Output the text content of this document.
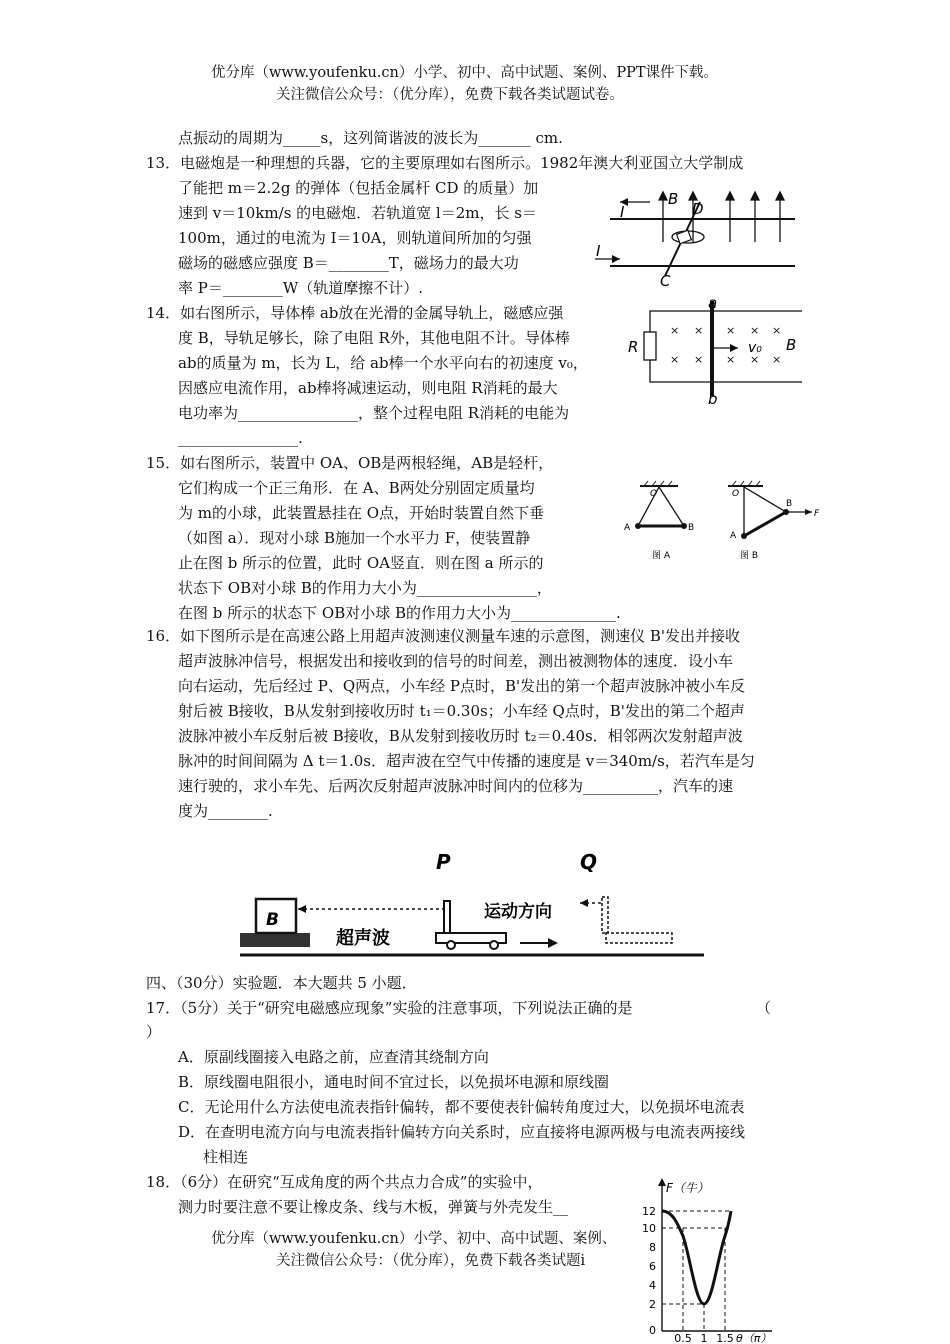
优分库（www.youfenku.cn）小学、初中、高中试题、案例、PPT课件下载。
关注微信公众号：（优分库），免费下载各类试题试卷。
点振动的周期为_____s，这列简谐波的波长为_______ cm.
13．电磁炮是一种理想的兵器，它的主要原理如右图所示。1982年澳大利亚国立大学制成
了能把 m＝2.2g 的弹体（包括金属杆 CD 的质量）加
速到 v＝10km/s 的电磁炮．若轨道宽 l＝2m，长 s＝
100m，通过的电流为 I＝10A，则轨道间所加的匀强
磁场的磁感应强度 B＝________T，磁场力的最大功
率 P＝________W（轨道摩擦不计）.
I
I
B
D
C
14．如右图所示，导体棒 ab放在光滑的金属导轨上，磁感应强
度 B，导轨足够长，除了电阻 R外，其他电阻不计。导体棒
ab的质量为 m，长为 L，给 ab棒一个水平向右的初速度 v₀，
因感应电流作用，ab棒将减速运动，则电阻 R消耗的最大
电功率为________________，整个过程电阻 R消耗的电能为
________________.
× × × × ×
× × × × ×
a
b
R	v₀ B
15．如右图所示，装置中 OA、OB是两根轻绳，AB是轻杆，
它们构成一个正三角形．在 A、B两处分别固定质量均
为 m的小球，此装置悬挂在 O点，开始时装置自然下垂
（如图 a）．现对小球 B施加一个水平力 F，使装置静
止在图 b 所示的位置，此时 OA竖直．则在图 a 所示的
状态下 OB对小球 B的作用力大小为________________，
在图 b 所示的状态下 OB对小球 B的作用力大小为______________.
O
A	B
图 A
O
A
B
F
图 B
16．如下图所示是在高速公路上用超声波测速仪测量车速的示意图，测速仪 B'发出并接收
超声波脉冲信号，根据发出和接收到的信号的时间差，测出被测物体的速度．设小车
向右运动，先后经过 P、Q两点，小车经 P点时，B'发出的第一个超声波脉冲被小车反
射后被 B接收，B从发射到接收历时 t₁＝0.30s；小车经 Q点时，B'发出的第二个超声
波脉冲被小车反射后被 B接收，B从发射到接收历时 t₂＝0.40s．相邻两次发射超声波
脉冲的时间间隔为 Δ t＝1.0s．超声波在空气中传播的速度是 v＝340m/s，若汽车是匀
速行驶的，求小车先、后两次反射超声波脉冲时间内的位移为__________，汽车的速
度为________.
P	Q
B
超声波
运动方向
四、（30分）实验题．本大题共 5 小题．
17．（5分）关于“研究电磁感应现象”实验的注意事项，下列说法正确的是	（
）
A．原副线圈接入电路之前，应查清其绕制方向
B．原线圈电阻很小，通电时间不宜过长，以免损坏电源和原线圈
C．无论用什么方法使电流表指针偏转，都不要使表针偏转角度过大，以免损坏电流表
D．在查明电流方向与电流表指针偏转方向关系时，应直接将电源两极与电流表两接线
柱相连
18．（6分）在研究“互成角度的两个共点力合成”的实验中，
测力时要注意不要让橡皮条、线与木板，弹簧与外壳发生__
优分库（www.youfenku.cn）小学、初中、高中试题、案例、
关注微信公众号：（优分库），免费下载各类试题i
F（牛）
θ（π）
12
10
8
6
4
2
0
0.5 1 1.5
